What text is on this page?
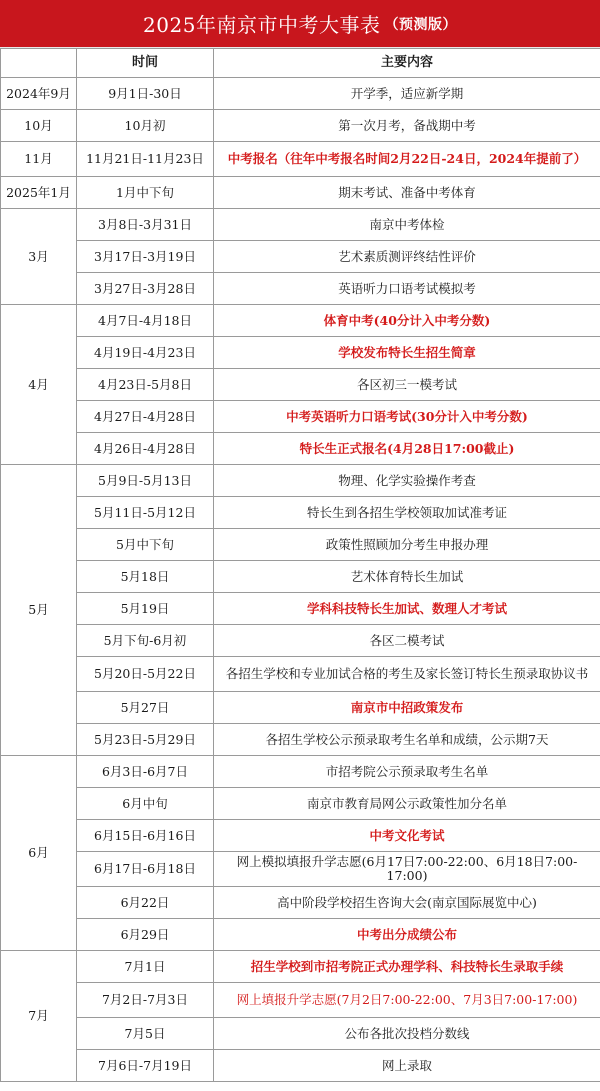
2025年南京市中考大事表 （预测版）
	时间	主要内容
2024年9月	9月1日-30日	开学季，适应新学期
10月	10月初	第一次月考，备战期中考
11月	11月21日-11月23日	中考报名（往年中考报名时间2月22日-24日，2024年提前了）
2025年1月	1月中下旬	期末考试、准备中考体育
3月	3月8日-3月31日	南京中考体检
	3月17日-3月19日	艺术素质测评终结性评价
	3月27日-3月28日	英语听力口语考试模拟考
4月	4月7日-4月18日	体育中考(40分计入中考分数)
	4月19日-4月23日	学校发布特长生招生简章
	4月23日-5月8日	各区初三一模考试
	4月27日-4月28日	中考英语听力口语考试(30分计入中考分数)
	4月26日-4月28日	特长生正式报名(4月28日17:00截止)
5月	5月9日-5月13日	物理、化学实验操作考查
	5月11日-5月12日	特长生到各招生学校领取加试准考证
	5月中下旬	政策性照顾加分考生申报办理
	5月18日	艺术体育特长生加试
	5月19日	学科科技特长生加试、数理人才考试
	5月下旬-6月初	各区二模考试
	5月20日-5月22日	各招生学校和专业加试合格的考生及家长签订特长生预录取协议书
	5月27日	南京市中招政策发布
	5月23日-5月29日	各招生学校公示预录取考生名单和成绩，公示期7天
6月	6月3日-6月7日	市招考院公示预录取考生名单
	6月中旬	南京市教育局网公示政策性加分名单
	6月15日-6月16日	中考文化考试
	6月17日-6月18日	网上模拟填报升学志愿(6月17日7:00-22:00、6月18日7:00-17:00)
	6月22日	高中阶段学校招生咨询大会(南京国际展览中心)
	6月29日	中考出分成绩公布
7月	7月1日	招生学校到市招考院正式办理学科、科技特长生录取手续
	7月2日-7月3日	网上填报升学志愿(7月2日7:00-22:00、7月3日7:00-17:00)
	7月5日	公布各批次投档分数线
	7月6日-7月19日	网上录取
